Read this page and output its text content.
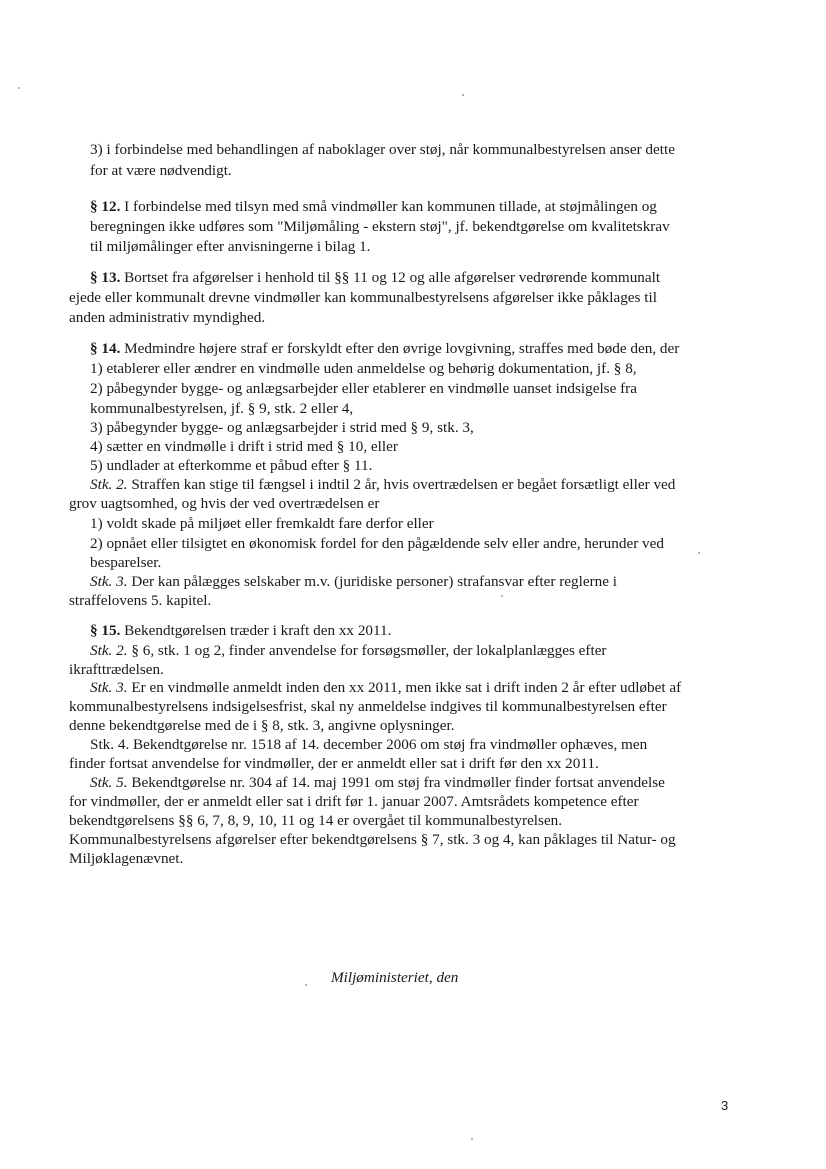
3) i forbindelse med behandlingen af naboklager over støj, når kommunalbestyrelsen anser dette
for at være nødvendigt.
§ 12. I forbindelse med tilsyn med små vindmøller kan kommunen tillade, at støjmålingen og
beregningen ikke udføres som "Miljømåling - ekstern støj", jf. bekendtgørelse om kvalitetskrav
til miljømålinger efter anvisningerne i bilag 1.
§ 13. Bortset fra afgørelser i henhold til §§ 11 og 12 og alle afgørelser vedrørende kommunalt
ejede eller kommunalt drevne vindmøller kan kommunalbestyrelsens afgørelser ikke påklages til
anden administrativ myndighed.
§ 14. Medmindre højere straf er forskyldt efter den øvrige lovgivning, straffes med bøde den, der
1) etablerer eller ændrer en vindmølle uden anmeldelse og behørig dokumentation, jf. § 8,
2) påbegynder bygge- og anlægsarbejder eller etablerer en vindmølle uanset indsigelse fra
kommunalbestyrelsen, jf. § 9, stk. 2 eller 4,
3) påbegynder bygge- og anlægsarbejder i strid med § 9, stk. 3,
4) sætter en vindmølle i drift i strid med § 10, eller
5) undlader at efterkomme et påbud efter § 11.
Stk. 2. Straffen kan stige til fængsel i indtil 2 år, hvis overtrædelsen er begået forsætligt eller ved
grov uagtsomhed, og hvis der ved overtrædelsen er
1) voldt skade på miljøet eller fremkaldt fare derfor eller
2) opnået eller tilsigtet en økonomisk fordel for den pågældende selv eller andre, herunder ved
besparelser.
Stk. 3. Der kan pålægges selskaber m.v. (juridiske personer) strafansvar efter reglerne i
straffelovens 5. kapitel.
§ 15. Bekendtgørelsen træder i kraft den xx 2011.
Stk. 2. § 6, stk. 1 og 2, finder anvendelse for forsøgsmøller, der lokalplanlægges efter
ikrafttrædelsen.
Stk. 3. Er en vindmølle anmeldt inden den xx 2011, men ikke sat i drift inden 2 år efter udløbet af
kommunalbestyrelsens indsigelsesfrist, skal ny anmeldelse indgives til kommunalbestyrelsen efter
denne bekendtgørelse med de i § 8, stk. 3, angivne oplysninger.
Stk. 4. Bekendtgørelse nr. 1518 af 14. december 2006 om støj fra vindmøller ophæves, men
finder fortsat anvendelse for vindmøller, der er anmeldt eller sat i drift før den xx 2011.
Stk. 5. Bekendtgørelse nr. 304 af 14. maj 1991 om støj fra vindmøller finder fortsat anvendelse
for vindmøller, der er anmeldt eller sat i drift før 1. januar 2007. Amtsrådets kompetence efter
bekendtgørelsens §§ 6, 7, 8, 9, 10, 11 og 14 er overgået til kommunalbestyrelsen.
Kommunalbestyrelsens afgørelser efter bekendtgørelsens § 7, stk. 3 og 4, kan påklages til Natur- og
Miljøklagenævnet.
Miljøministeriet, den
3
